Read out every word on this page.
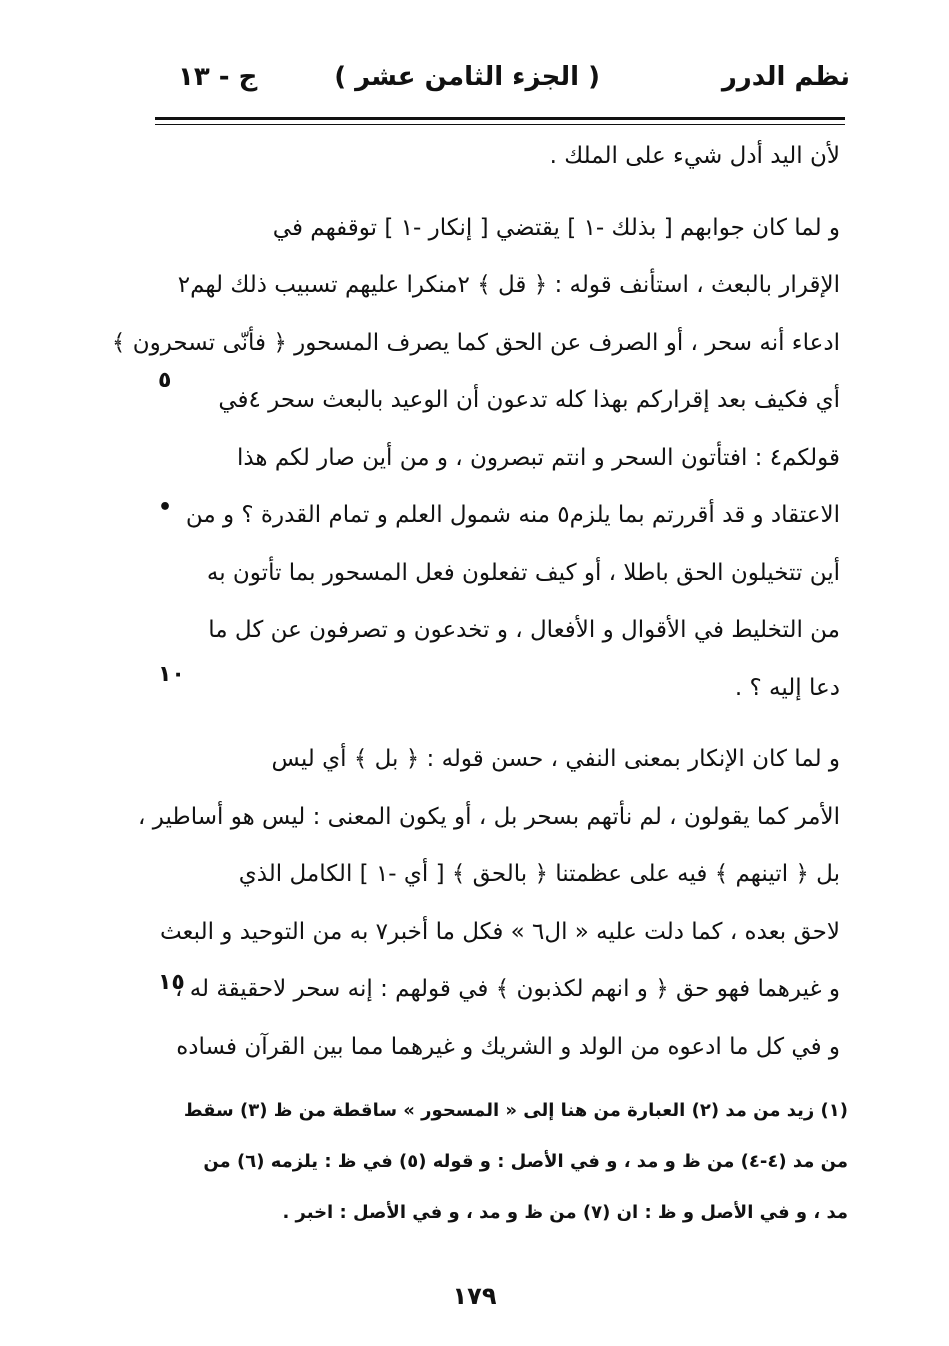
نظم الدرر
( الجزء الثامن عشر )
ج - ١٣
لأن اليد أدل شيء على الملك .
و لما كان جوابهم [ بذلك -١ ] يقتضي [ إنكار -١ ] توقفهم في
الإقرار بالبعث ، استأنف قوله : ﴿ قل ﴾ ٢منكرا عليهم تسبيب ذلك لهم٢
ادعاء أنه سحر ، أو الصرف عن الحق كما يصرف المسحور ﴿ فأنّى تسحرون ﴾
أي فكيف بعد إقراركم بهذا كله تدعون أن الوعيد بالبعث سحر ٤في
قولكم٤ : افتأتون السحر و انتم تبصرون ، و من أين صار لكم هذا
الاعتقاد و قد أقررتم بما يلزم٥ منه شمول العلم و تمام القدرة ؟ و من
أين تتخيلون الحق باطلا ، أو كيف تفعلون فعل المسحور بما تأتون به
من التخليط في الأقوال و الأفعال ، و تخدعون و تصرفون عن كل ما
دعا إليه ؟ .
و لما كان الإنكار بمعنى النفي ، حسن قوله : ﴿ بل ﴾ أي ليس
الأمر كما يقولون ، لم نأتهم بسحر بل ، أو يكون المعنى : ليس هو أساطير ،
بل ﴿ اتينهم ﴾ فيه على عظمتنا ﴿ بالحق ﴾ [ أي -١ ] الكامل الذي
لاحق بعده ، كما دلت عليه « ال٦ » فكل ما أخبر٧ به من التوحيد و البعث
و غيرهما فهو حق ﴿ و انهم لكذبون ﴾ في قولهم : إنه سحر لاحقيقة له ،
و في كل ما ادعوه من الولد و الشريك و غيرهما مما بين القرآن فساده
٥
•
١٠
١٥
(١) زيد من مد (٢) العبارة من هنا إلى « المسحور » ساقطة من ظ (٣) سقط
من مد (٤-٤) من ظ و مد ، و في الأصل : و قوله (٥) في ظ : يلزمه (٦) من
مد ، و في الأصل و ظ : ان (٧) من ظ و مد ، و في الأصل : اخبر .
١٧٩
